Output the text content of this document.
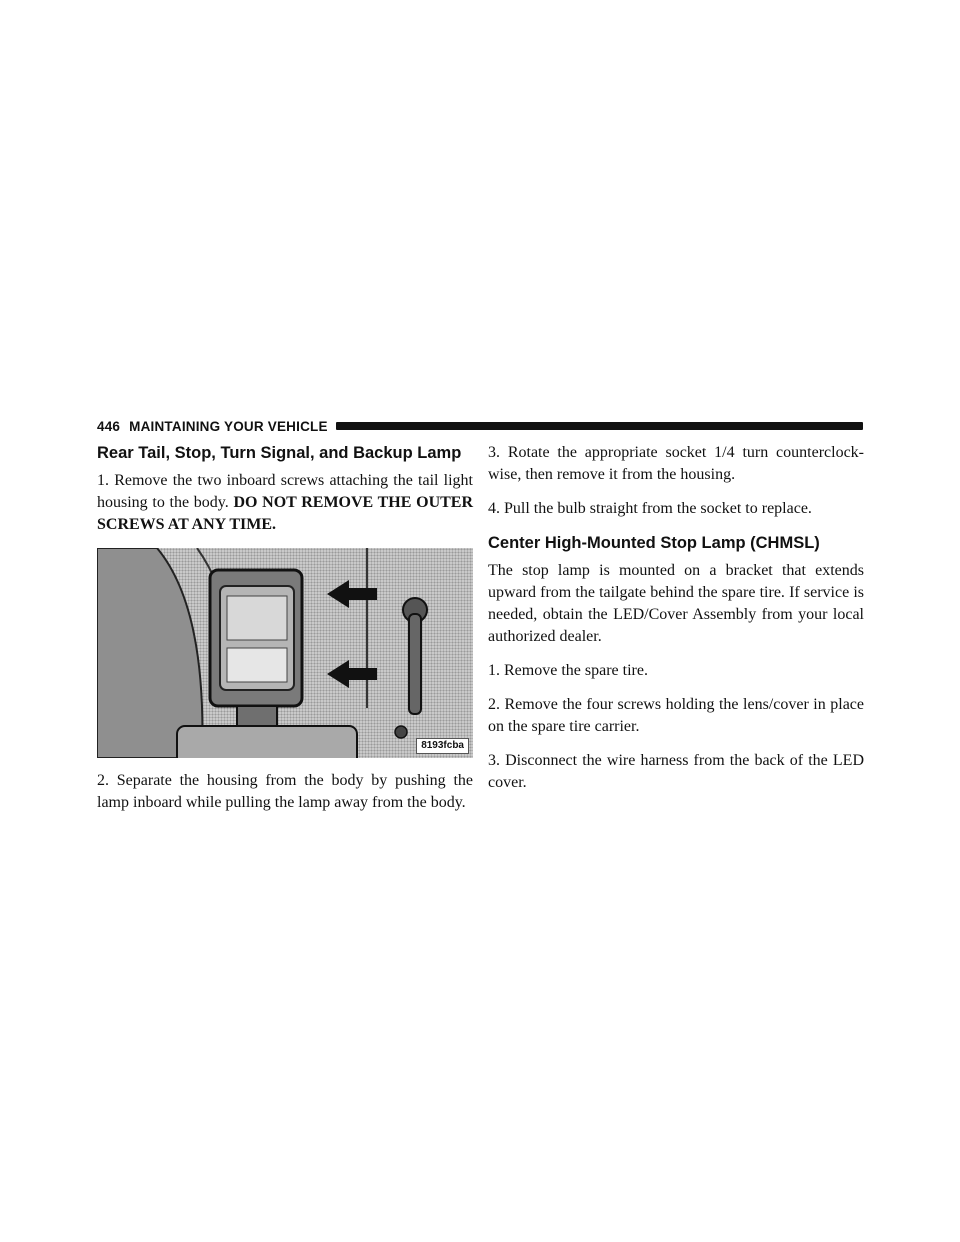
446 MAINTAINING YOUR VEHICLE
Rear Tail, Stop, Turn Signal, and Backup Lamp

1. Remove the two inboard screws attaching the tail light housing to the body. DO NOT REMOVE THE OUTER SCREWS AT ANY TIME.

8193fcba

2. Separate the housing from the body by pushing the lamp inboard while pulling the lamp away from the body.

3. Rotate the appropriate socket 1/4 turn counterclock-wise, then remove it from the housing.

4. Pull the bulb straight from the socket to replace.

Center High-Mounted Stop Lamp (CHMSL)

The stop lamp is mounted on a bracket that extends upward from the tailgate behind the spare tire. If service is needed, obtain the LED/Cover Assembly from your local authorized dealer.

1. Remove the spare tire.

2. Remove the four screws holding the lens/cover in place on the spare tire carrier.

3. Disconnect the wire harness from the back of the LED cover.
